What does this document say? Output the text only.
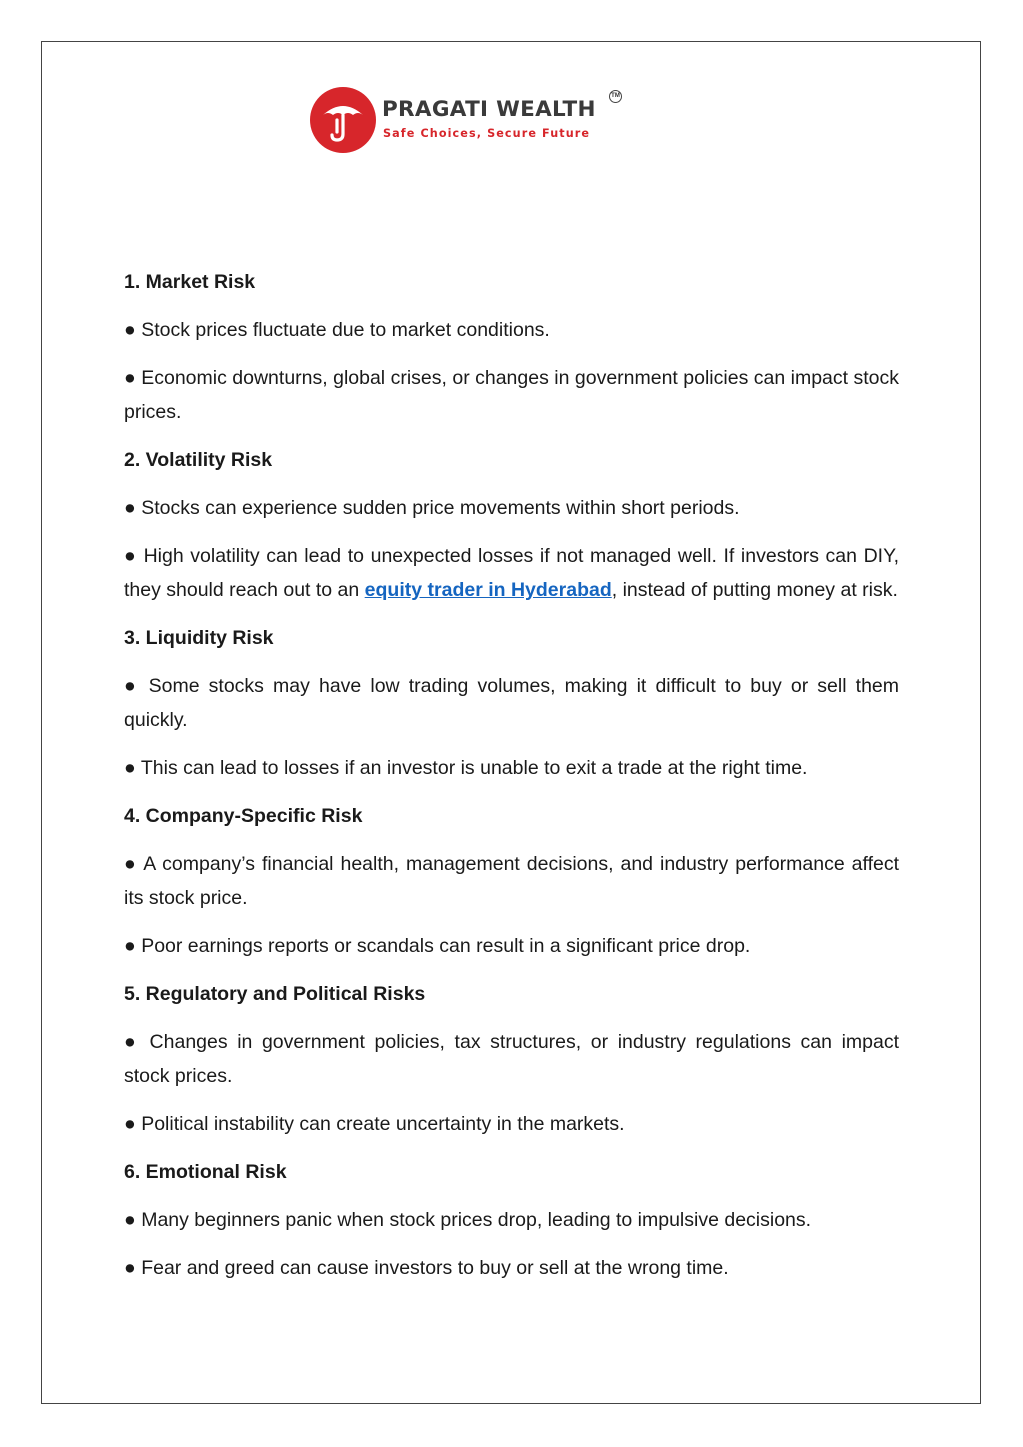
PRAGATI WEALTH
Safe Choices, Secure Future
TM
1. Market Risk
● Stock prices fluctuate due to market conditions.
● Economic downturns, global crises, or changes in government policies can impact stock prices.
2. Volatility Risk
● Stocks can experience sudden price movements within short periods.
● High volatility can lead to unexpected losses if not managed well. If investors can DIY, they should reach out to an equity trader in Hyderabad, instead of putting money at risk.
3. Liquidity Risk
● Some stocks may have low trading volumes, making it difficult to buy or sell them quickly.
● This can lead to losses if an investor is unable to exit a trade at the right time.
4. Company-Specific Risk
● A company’s financial health, management decisions, and industry performance affect its stock price.
● Poor earnings reports or scandals can result in a significant price drop.
5. Regulatory and Political Risks
● Changes in government policies, tax structures, or industry regulations can impact stock prices.
● Political instability can create uncertainty in the markets.
6. Emotional Risk
● Many beginners panic when stock prices drop, leading to impulsive decisions.
● Fear and greed can cause investors to buy or sell at the wrong time.
